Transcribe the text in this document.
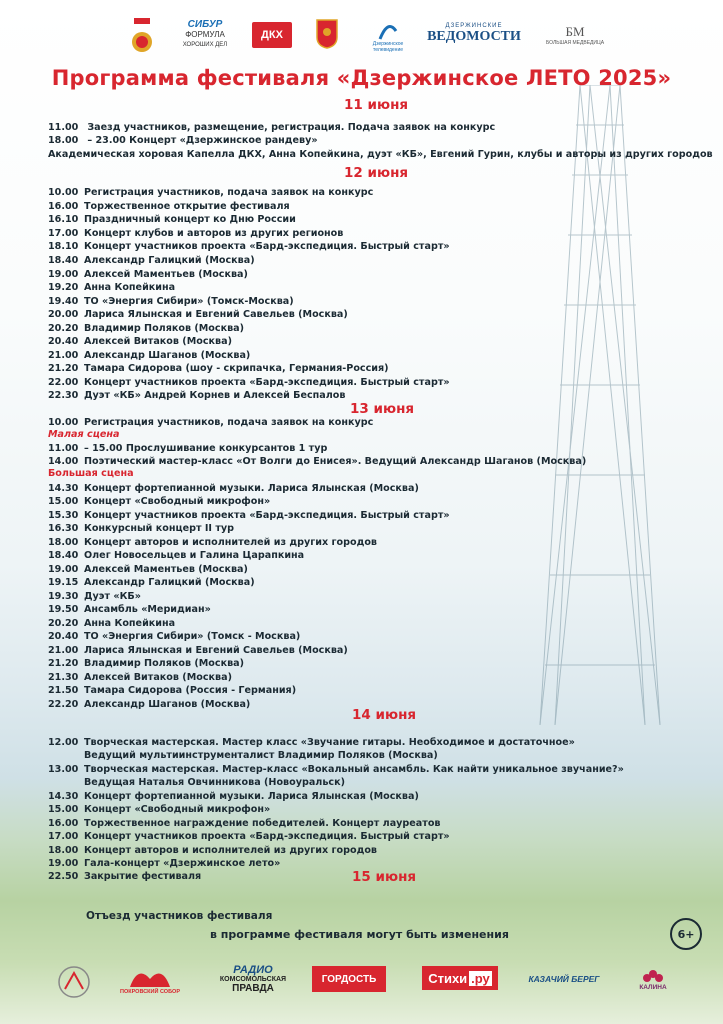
СИБУР
ФОРМУЛА
ХОРОШИХ ДЕЛ
ДКХ
Дзержинское телевидение
ДЗЕРЖИНСКИЕ
ВЕДОМОСТИ	БМ
БОЛЬШАЯ МЕДВЕДИЦА
Программа фестиваля «Дзержинское ЛЕТО 2025»
11 июня
11.00 Заезд участников, размещение, регистрация. Подача заявок на конкурс
18.00 – 23.00 Концерт «Дзержинское рандеву»
Академическая хоровая Капелла ДКХ, Анна Копейкина, дуэт «КБ», Евгений Гурин, клубы и авторы из других городов
12 июня
10.00 Регистрация участников, подача заявок на конкурс
16.00 Торжественное открытие фестиваля
16.10 Праздничный концерт ко Дню России
17.00 Концерт клубов и авторов из других регионов
18.10 Концерт участников проекта «Бард-экспедиция. Быстрый старт»
18.40 Александр Галицкий (Москва)
19.00 Алексей Маментьев (Москва)
19.20 Анна Копейкина
19.40 ТО «Энергия Сибири» (Томск-Москва)
20.00 Лариса Ялынская и Евгений Савельев (Москва)
20.20 Владимир Поляков (Москва)
20.40 Алексей Витаков (Москва)
21.00 Александр Шаганов (Москва)
21.20 Тамара Сидорова (шоу - скрипачка, Германия-Россия)
22.00 Концерт участников проекта «Бард-экспедиция. Быстрый старт»
22.30 Дуэт «КБ» Андрей Корнев и Алексей Беспалов
13 июня
10.00 Регистрация участников, подача заявок на конкурс
Малая сцена
11.00 – 15.00 Прослушивание конкурсантов 1 тур
14.00 Поэтический мастер-класс «От Волги до Енисея». Ведущий Александр Шаганов (Москва)
Большая сцена
14.30 Концерт фортепианной музыки. Лариса Ялынская (Москва)
15.00 Концерт «Свободный микрофон»
15.30 Концерт участников проекта «Бард-экспедиция. Быстрый старт»
16.30 Конкурсный концерт II тур
18.00 Концерт авторов и исполнителей из других городов
18.40 Олег Новосельцев и Галина Царапкина
19.00 Алексей Маментьев (Москва)
19.15 Александр Галицкий (Москва)
19.30 Дуэт «КБ»
19.50 Ансамбль «Меридиан»
20.20 Анна Копейкина
20.40 ТО «Энергия Сибири» (Томск - Москва)
21.00 Лариса Ялынская и Евгений Савельев (Москва)
21.20 Владимир Поляков (Москва)
21.30 Алексей Витаков (Москва)
21.50 Тамара Сидорова (Россия - Германия)
22.20 Александр Шаганов (Москва)
14 июня
12.00 Творческая мастерская. Мастер класс «Звучание гитары. Необходимое и достаточное»
Ведущий мультиинструменталист Владимир Поляков (Москва)
13.00 Творческая мастерская. Мастер-класс «Вокальный ансамбль. Как найти уникальное звучание?»
Ведущая Наталья Овчинникова (Новоуральск)
14.30 Концерт фортепианной музыки. Лариса Ялынская (Москва)
15.00 Концерт «Свободный микрофон»
16.00 Торжественное награждение победителей. Концерт лауреатов
17.00 Концерт участников проекта «Бард-экспедиция. Быстрый старт»
18.00 Концерт авторов и исполнителей из других городов
19.00 Гала-концерт «Дзержинское лето»
22.50 Закрытие фестиваля	15 июня
Отъезд участников фестиваля
в программе фестиваля могут быть изменения	6+
ПОКРОВСКИЙ СОБОР
РАДИО
КОМСОМОЛЬСКАЯ
ПРАВДА
ГОРДОСТЬ	Стихи .ру	КАЗАЧИЙ БЕРЕГ
КАЛИНА
